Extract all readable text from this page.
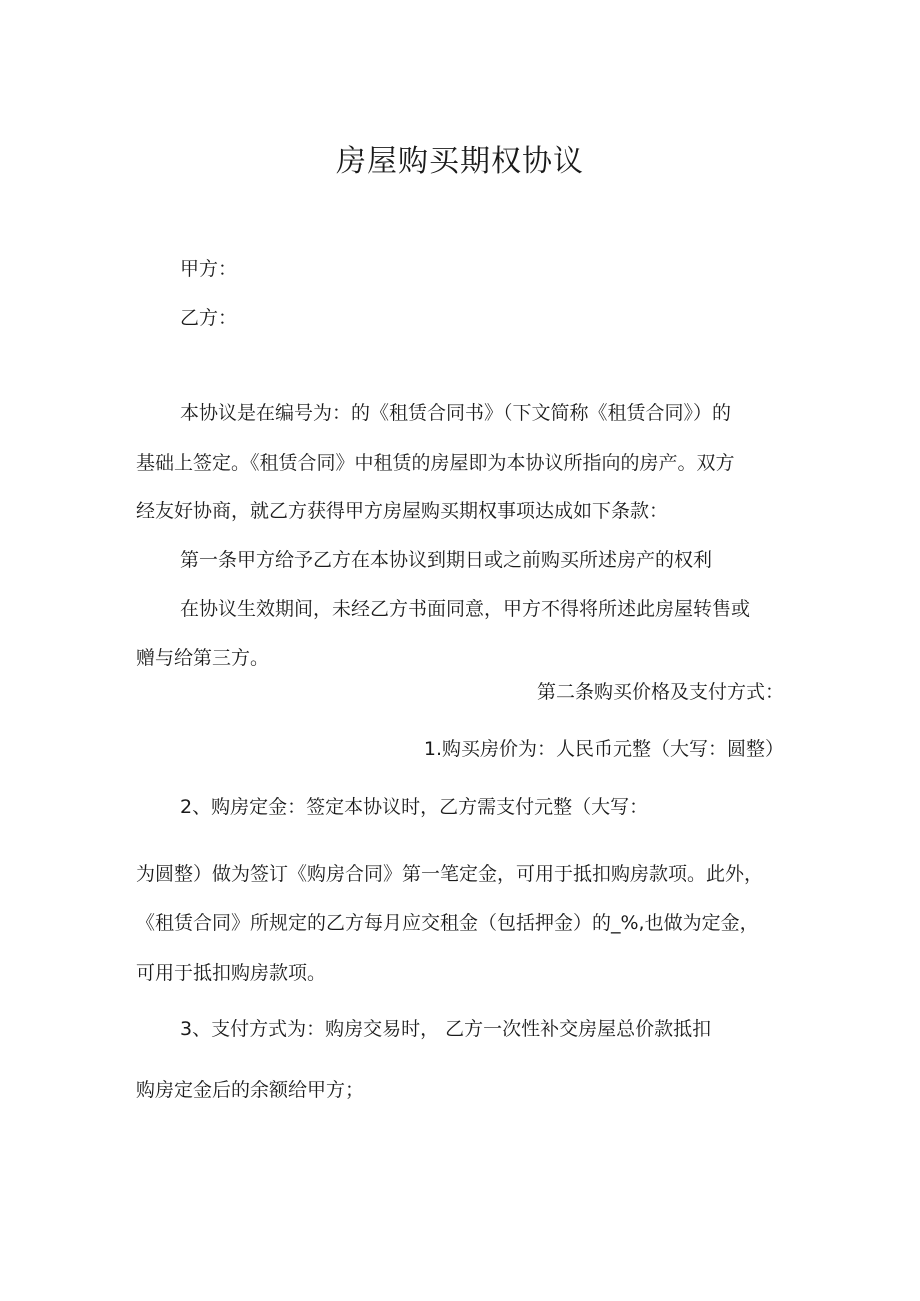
房屋购买期权协议
甲方：
乙方：
本协议是在编号为：的《租赁合同书》（下文简称《租赁合同》）的
基础上签定。《租赁合同》中租赁的房屋即为本协议所指向的房产。双方
经友好协商，就乙方获得甲方房屋购买期权事项达成如下条款：
第一条甲方给予乙方在本协议到期日或之前购买所述房产的权利
在协议生效期间，未经乙方书面同意，甲方不得将所述此房屋转售或
赠与给第三方。
第二条购买价格及支付方式：
1.购买房价为：人民币元整（大写：圆整）
2、购房定金：签定本协议时，乙方需支付元整（大写：
为圆整）做为签订《购房合同》第一笔定金，可用于抵扣购房款项。此外，
《租赁合同》所规定的乙方每月应交租金（包括押金）的_%,也做为定金，
可用于抵扣购房款项。
3、支付方式为：购房交易时， 乙方一次性补交房屋总价款抵扣
购房定金后的余额给甲方；
